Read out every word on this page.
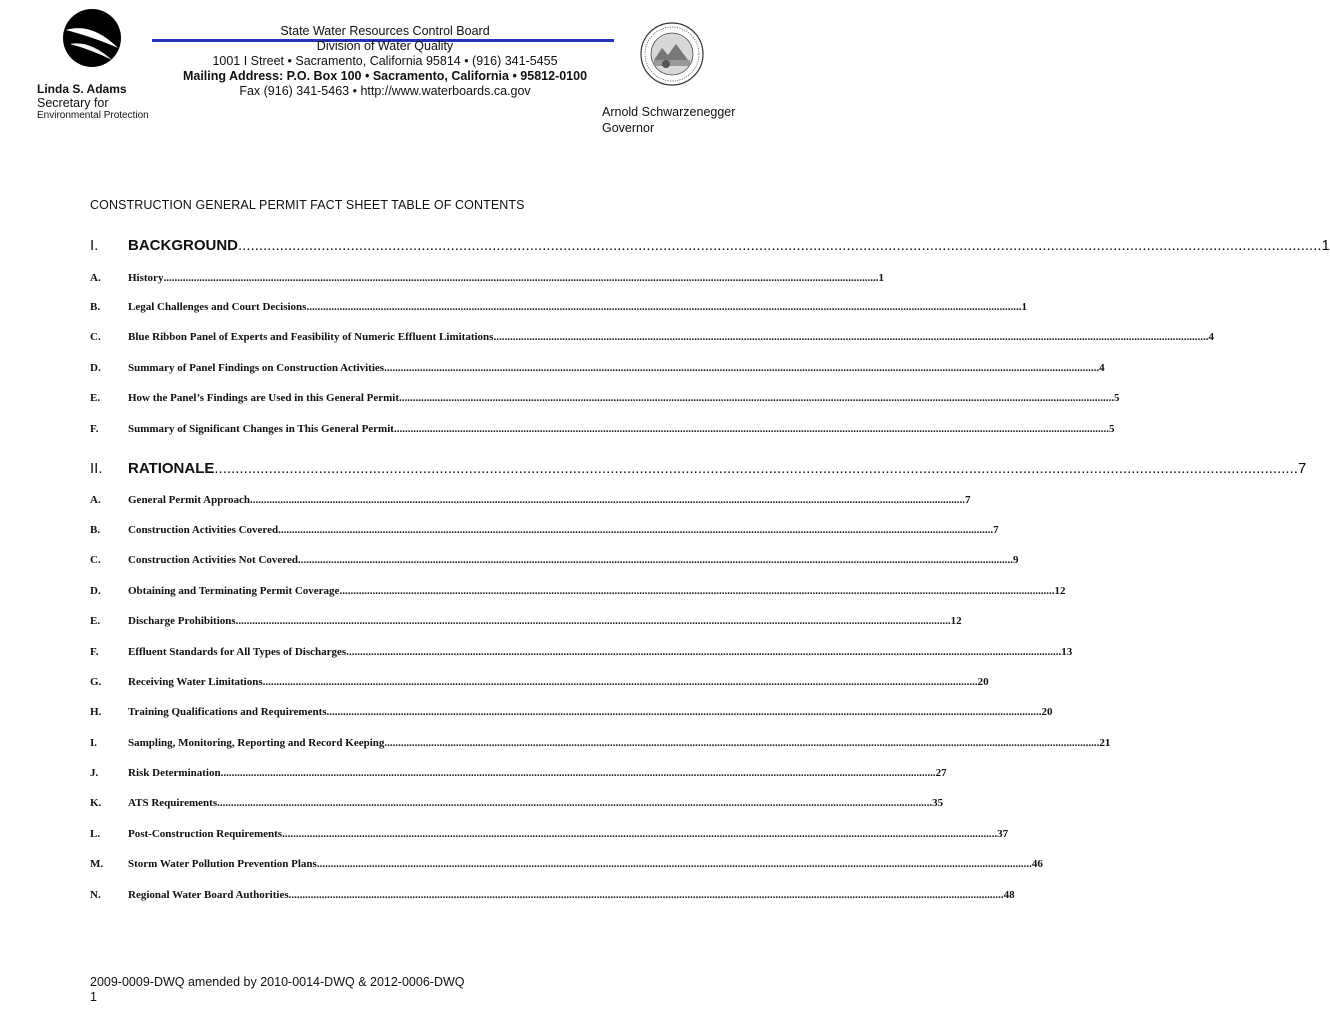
State Water Resources Control Board
Division of Water Quality
1001 I Street • Sacramento, California 95814 • (916) 341-5455
Mailing Address: P.O. Box 100 • Sacramento, California • 95812-0100
Fax (916) 341-5463 • http://www.waterboards.ca.gov
Linda S. Adams
Secretary for
Environmental Protection	Arnold Schwarzenegger
Governor
CONSTRUCTION GENERAL PERMIT FACT SHEET TABLE OF CONTENTS
I.	BACKGROUND .................................................................................................................................................................................................................................................................... 1
A.	History .................................................................................................................................................................................................................................................................... 1
B.	Legal Challenges and Court Decisions .................................................................................................................................................................................................................................................................... 1
C.	Blue Ribbon Panel of Experts and Feasibility of Numeric Effluent Limitations .................................................................................................................................................................................................................................................................... 4
D.	Summary of Panel Findings on Construction Activities .................................................................................................................................................................................................................................................................... 4
E.	How the Panel’s Findings are Used in this General Permit .................................................................................................................................................................................................................................................................... 5
F.	Summary of Significant Changes in This General Permit .................................................................................................................................................................................................................................................................... 5
II.	RATIONALE .................................................................................................................................................................................................................................................................... 7
A.	General Permit Approach .................................................................................................................................................................................................................................................................... 7
B.	Construction Activities Covered .................................................................................................................................................................................................................................................................... 7
C.	Construction Activities Not Covered .................................................................................................................................................................................................................................................................... 9
D.	Obtaining and Terminating Permit Coverage .................................................................................................................................................................................................................................................................... 12
E.	Discharge Prohibitions .................................................................................................................................................................................................................................................................... 12
F.	Effluent Standards for All Types of Discharges .................................................................................................................................................................................................................................................................... 13
G.	Receiving Water Limitations .................................................................................................................................................................................................................................................................... 20
H.	Training Qualifications and Requirements .................................................................................................................................................................................................................................................................... 20
I.	Sampling, Monitoring, Reporting and Record Keeping .................................................................................................................................................................................................................................................................... 21
J.	Risk Determination .................................................................................................................................................................................................................................................................... 27
K.	ATS Requirements .................................................................................................................................................................................................................................................................... 35
L.	Post-Construction Requirements .................................................................................................................................................................................................................................................................... 37
M.	Storm Water Pollution Prevention Plans .................................................................................................................................................................................................................................................................... 46
N.	Regional Water Board Authorities .................................................................................................................................................................................................................................................................... 48
2009-0009-DWQ amended by 2010-0014-DWQ & 2012-0006-DWQ
1
